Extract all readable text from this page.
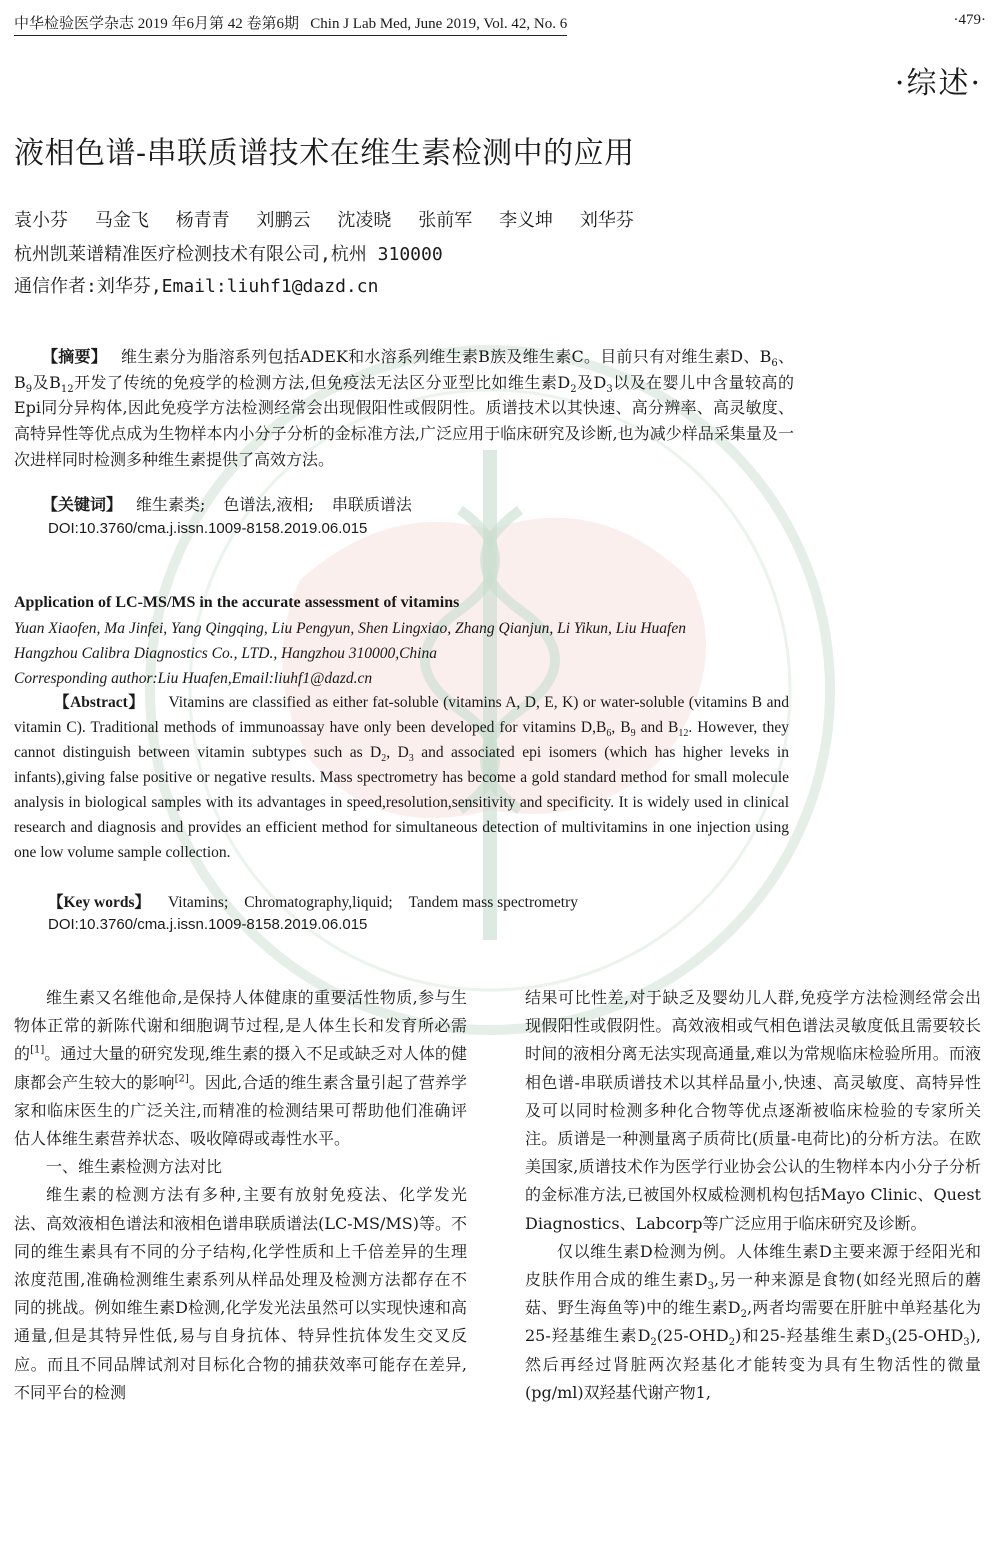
中华检验医学杂志 2019 年6月第 42 卷第6期 Chin J Lab Med, June 2019, Vol. 42, No. 6	·479·
·综述·
液相色谱-串联质谱技术在维生素检测中的应用
袁小芬 马金飞 杨青青 刘鹏云 沈凌晓 张前军 李义坤 刘华芬
杭州凯莱谱精准医疗检测技术有限公司,杭州 310000
通信作者:刘华芬,Email:liuhf1@dazd.cn
【摘要】 维生素分为脂溶系列包括ADEK和水溶系列维生素B族及维生素C。目前只有对维生素D、$B_6$、$B_9$及$B_{12}$开发了传统的免疫学的检测方法,但免疫法无法区分亚型比如维生素$D_2$及$D_3$以及在婴儿中含量较高的Epi同分异构体,因此免疫学方法检测经常会出现假阳性或假阴性。质谱技术以其快速、高分辨率、高灵敏度、高特异性等优点成为生物样本内小分子分析的金标准方法,广泛应用于临床研究及诊断,也为减少样品采集量及一次进样同时检测多种维生素提供了高效方法。
【关键词】 维生素类; 色谱法,液相; 串联质谱法
DOI:10.3760/cma.j.issn.1009-8158.2019.06.015
Application of LC-MS/MS in the accurate assessment of vitamins
Yuan Xiaofen, Ma Jinfei, Yang Qingqing, Liu Pengyun, Shen Lingxiao, Zhang Qianjun, Li Yikun, Liu Huafen
Hangzhou Calibra Diagnostics Co., LTD., Hangzhou 310000,China
Corresponding author:Liu Huafen,Email:liuhf1@dazd.cn
【Abstract】 Vitamins are classified as either fat-soluble (vitamins A, D, E, K) or water-soluble (vitamins B and vitamin C). Traditional methods of immunoassay have only been developed for vitamins $D,B_6$, $B_9$ and $B_{12}$. However, they cannot distinguish between vitamin subtypes such as $D_2$, $D_3$ and associated epi isomers (which has higher leveks in infants),giving false positive or negative results. Mass spectrometry has become a gold standard method for small molecule analysis in biological samples with its advantages in speed,resolution,sensitivity and specificity. It is widely used in clinical research and diagnosis and provides an efficient method for simultaneous detection of multivitamins in one injection using one low volume sample collection.
【Key words】 Vitamins; Chromatography,liquid; Tandem mass spectrometry
DOI:10.3760/cma.j.issn.1009-8158.2019.06.015

维生素又名维他命,是保持人体健康的重要活性物质,参与生物体正常的新陈代谢和细胞调节过程,是人体生长和发育所必需的[1]。通过大量的研究发现,维生素的摄入不足或缺乏对人体的健康都会产生较大的影响[2]。因此,合适的维生素含量引起了营养学家和临床医生的广泛关注,而精准的检测结果可帮助他们准确评估人体维生素营养状态、吸收障碍或毒性水平。

一、维生素检测方法对比

维生素的检测方法有多种,主要有放射免疫法、化学发光法、高效液相色谱法和液相色谱串联质谱法(LC-MS/MS)等。不同的维生素具有不同的分子结构,化学性质和上千倍差异的生理浓度范围,准确检测维生素系列从样品处理及检测方法都存在不同的挑战。例如维生素D检测,化学发光法虽然可以实现快速和高通量,但是其特异性低,易与自身抗体、特异性抗体发生交叉反应。而且不同品牌试剂对目标化合物的捕获效率可能存在差异,不同平台的检测

结果可比性差,对于缺乏及婴幼儿人群,免疫学方法检测经常会出现假阳性或假阴性。高效液相或气相色谱法灵敏度低且需要较长时间的液相分离无法实现高通量,难以为常规临床检验所用。而液相色谱-串联质谱技术以其样品量小,快速、高灵敏度、高特异性及可以同时检测多种化合物等优点逐渐被临床检验的专家所关注。质谱是一种测量离子质荷比(质量-电荷比)的分析方法。在欧美国家,质谱技术作为医学行业协会公认的生物样本内小分子分析的金标准方法,已被国外权威检测机构包括Mayo Clinic、Quest Diagnostics、Labcorp等广泛应用于临床研究及诊断。

仅以维生素D检测为例。人体维生素D主要来源于经阳光和皮肤作用合成的维生素$D_3$,另一种来源是食物(如经光照后的蘑菇、野生海鱼等)中的维生素$D_2$,两者均需要在肝脏中单羟基化为25-羟基维生素$D_2(25-OHD_2)$和25-羟基维生素$D_3(25-OHD_3)$,然后再经过肾脏两次羟基化才能转变为具有生物活性的微量(pg/ml)双羟基代谢产物1,
